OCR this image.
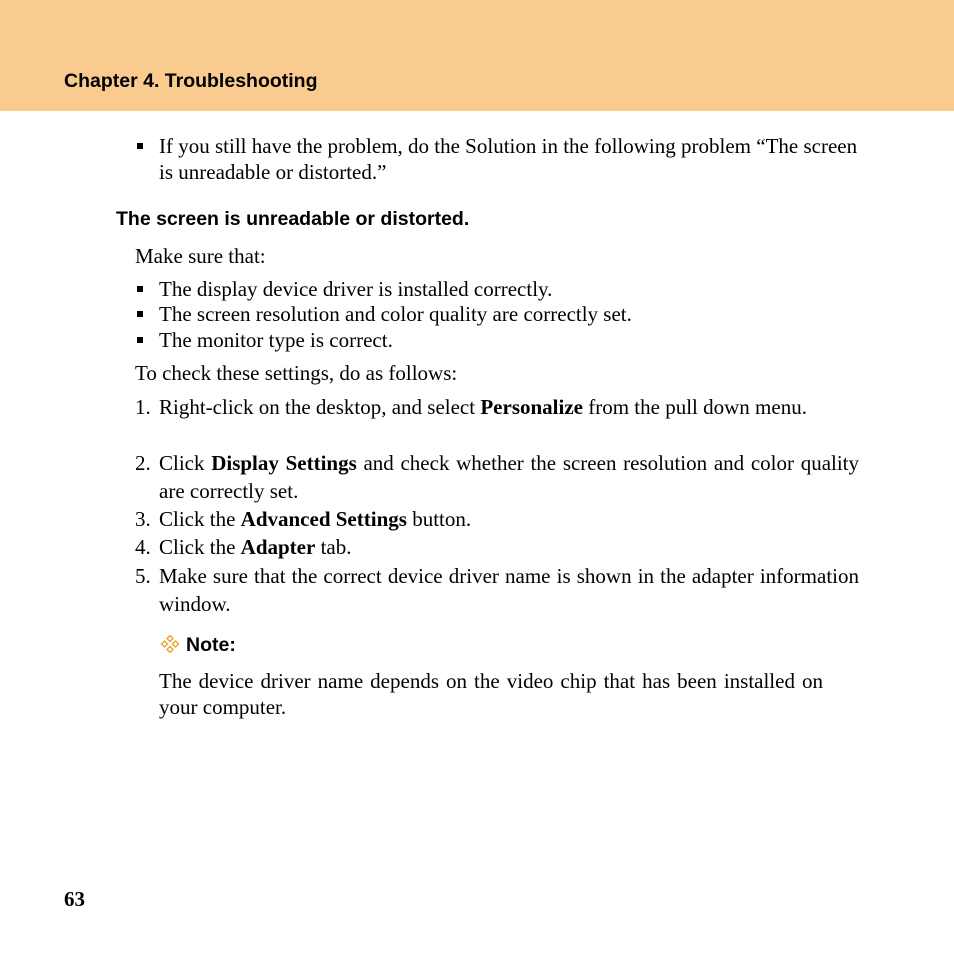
Chapter 4. Troubleshooting
If you still have the problem, do the Solution in the following problem “The screen is unreadable or distorted.”
The screen is unreadable or distorted.
Make sure that:
The display device driver is installed correctly.
The screen resolution and color quality are correctly set.
The monitor type is correct.
To check these settings, do as follows:
1. Right-click on the desktop, and select Personalize from the pull down menu.
2. Click Display Settings and check whether the screen resolution and color quality are correctly set.
3. Click the Advanced Settings button.
4. Click the Adapter tab.
5. Make sure that the correct device driver name is shown in the adapter information window.
Note:
The device driver name depends on the video chip that has been installed on your computer.
63
